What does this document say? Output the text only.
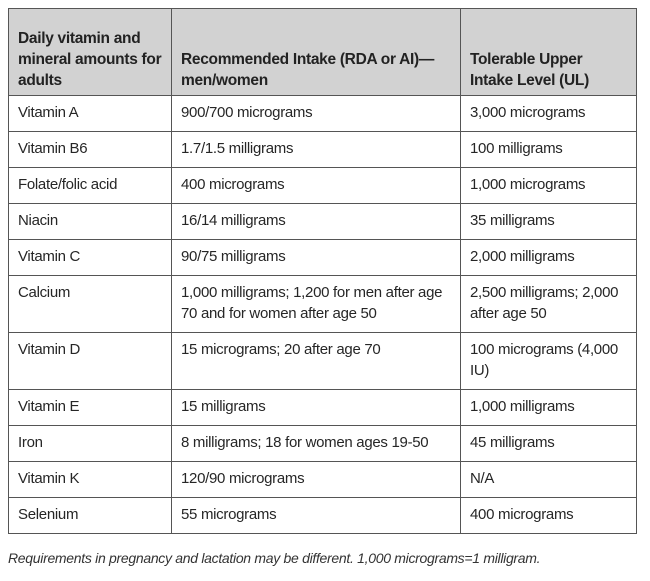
Daily vitamin and mineral amounts for adults	Recommended Intake (RDA or AI)—men/women	Tolerable Upper Intake Level (UL)
Vitamin A	900/700 micrograms	3,000 micrograms
Vitamin B6	1.7/1.5 milligrams	100 milligrams
Folate/folic acid	400 micrograms	1,000 micrograms
Niacin	16/14 milligrams	35 milligrams
Vitamin C	90/75 milligrams	2,000 milligrams
Calcium	1,000 milligrams; 1,200 for men after age 70 and for women after age 50	2,500 milligrams; 2,000 after age 50
Vitamin D	15 micrograms; 20 after age 70	100 micrograms (4,000 IU)
Vitamin E	15 milligrams	1,000 milligrams
Iron	8 milligrams; 18 for women ages 19-50	45 milligrams
Vitamin K	120/90 micrograms	N/A
Selenium	55 micrograms	400 micrograms
Requirements in pregnancy and lactation may be different. 1,000 micrograms=1 milligram.
